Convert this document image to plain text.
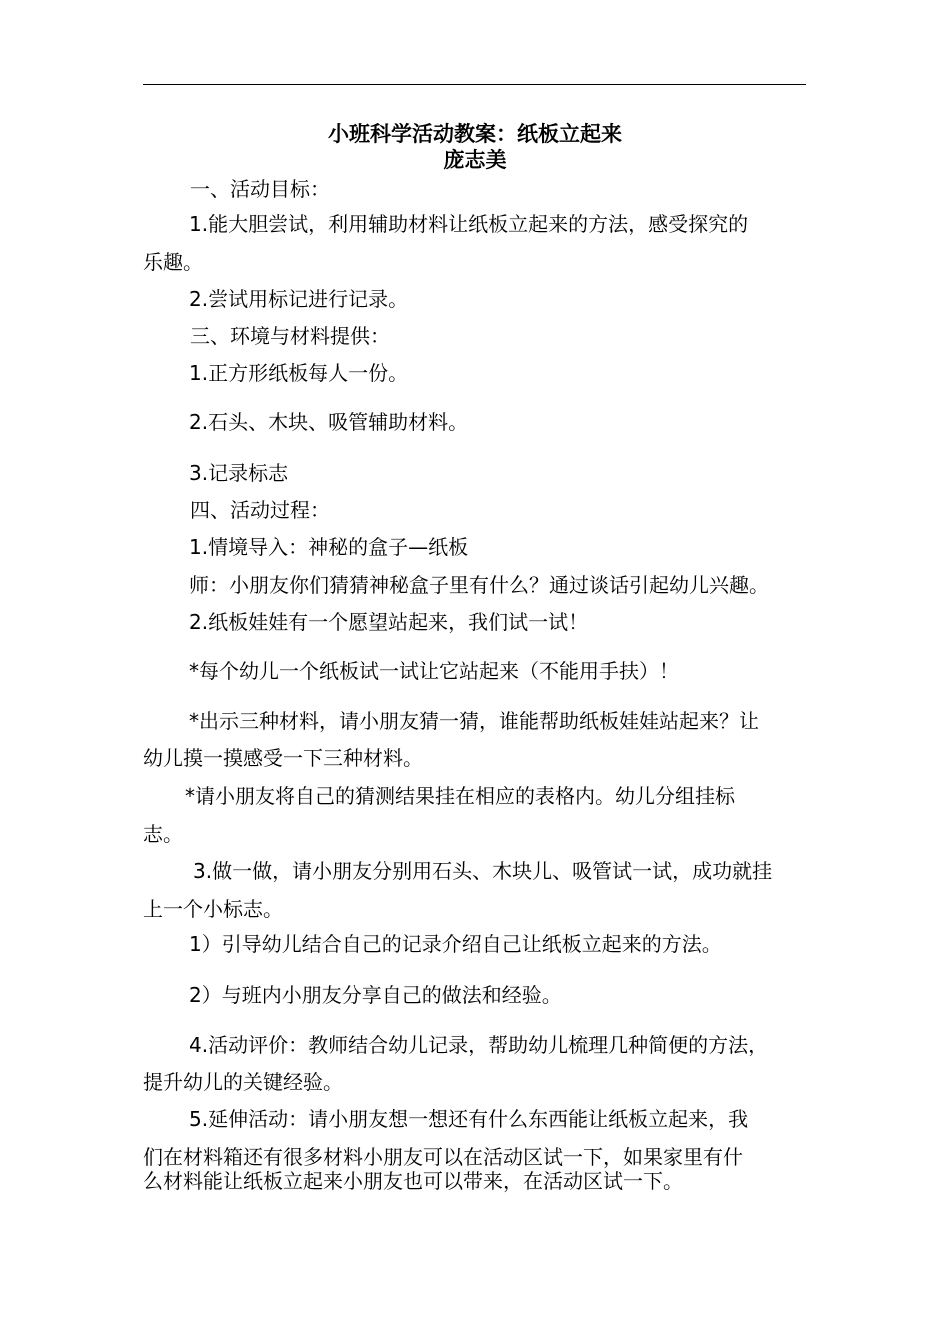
小班科学活动教案：纸板立起来
庞志美
一、活动目标：
1.能大胆尝试，利用辅助材料让纸板立起来的方法，感受探究的
乐趣。
2.尝试用标记进行记录。
三、环境与材料提供：
1.正方形纸板每人一份。
2.石头、木块、吸管辅助材料。
3.记录标志
四、活动过程：
1.情境导入：神秘的盒子—纸板
师：小朋友你们猜猜神秘盒子里有什么？通过谈话引起幼儿兴趣。
2.纸板娃娃有一个愿望站起来，我们试一试！
*每个幼儿一个纸板试一试让它站起来（不能用手扶）！
*出示三种材料，请小朋友猜一猜，谁能帮助纸板娃娃站起来？让
幼儿摸一摸感受一下三种材料。
*请小朋友将自己的猜测结果挂在相应的表格内。幼儿分组挂标
志。
3.做一做，请小朋友分别用石头、木块儿、吸管试一试，成功就挂
上一个小标志。
1）引导幼儿结合自己的记录介绍自己让纸板立起来的方法。
2）与班内小朋友分享自己的做法和经验。
4.活动评价：教师结合幼儿记录，帮助幼儿梳理几种简便的方法，
提升幼儿的关键经验。
5.延伸活动：请小朋友想一想还有什么东西能让纸板立起来，我
们在材料箱还有很多材料小朋友可以在活动区试一下，如果家里有什
么材料能让纸板立起来小朋友也可以带来，在活动区试一下。
